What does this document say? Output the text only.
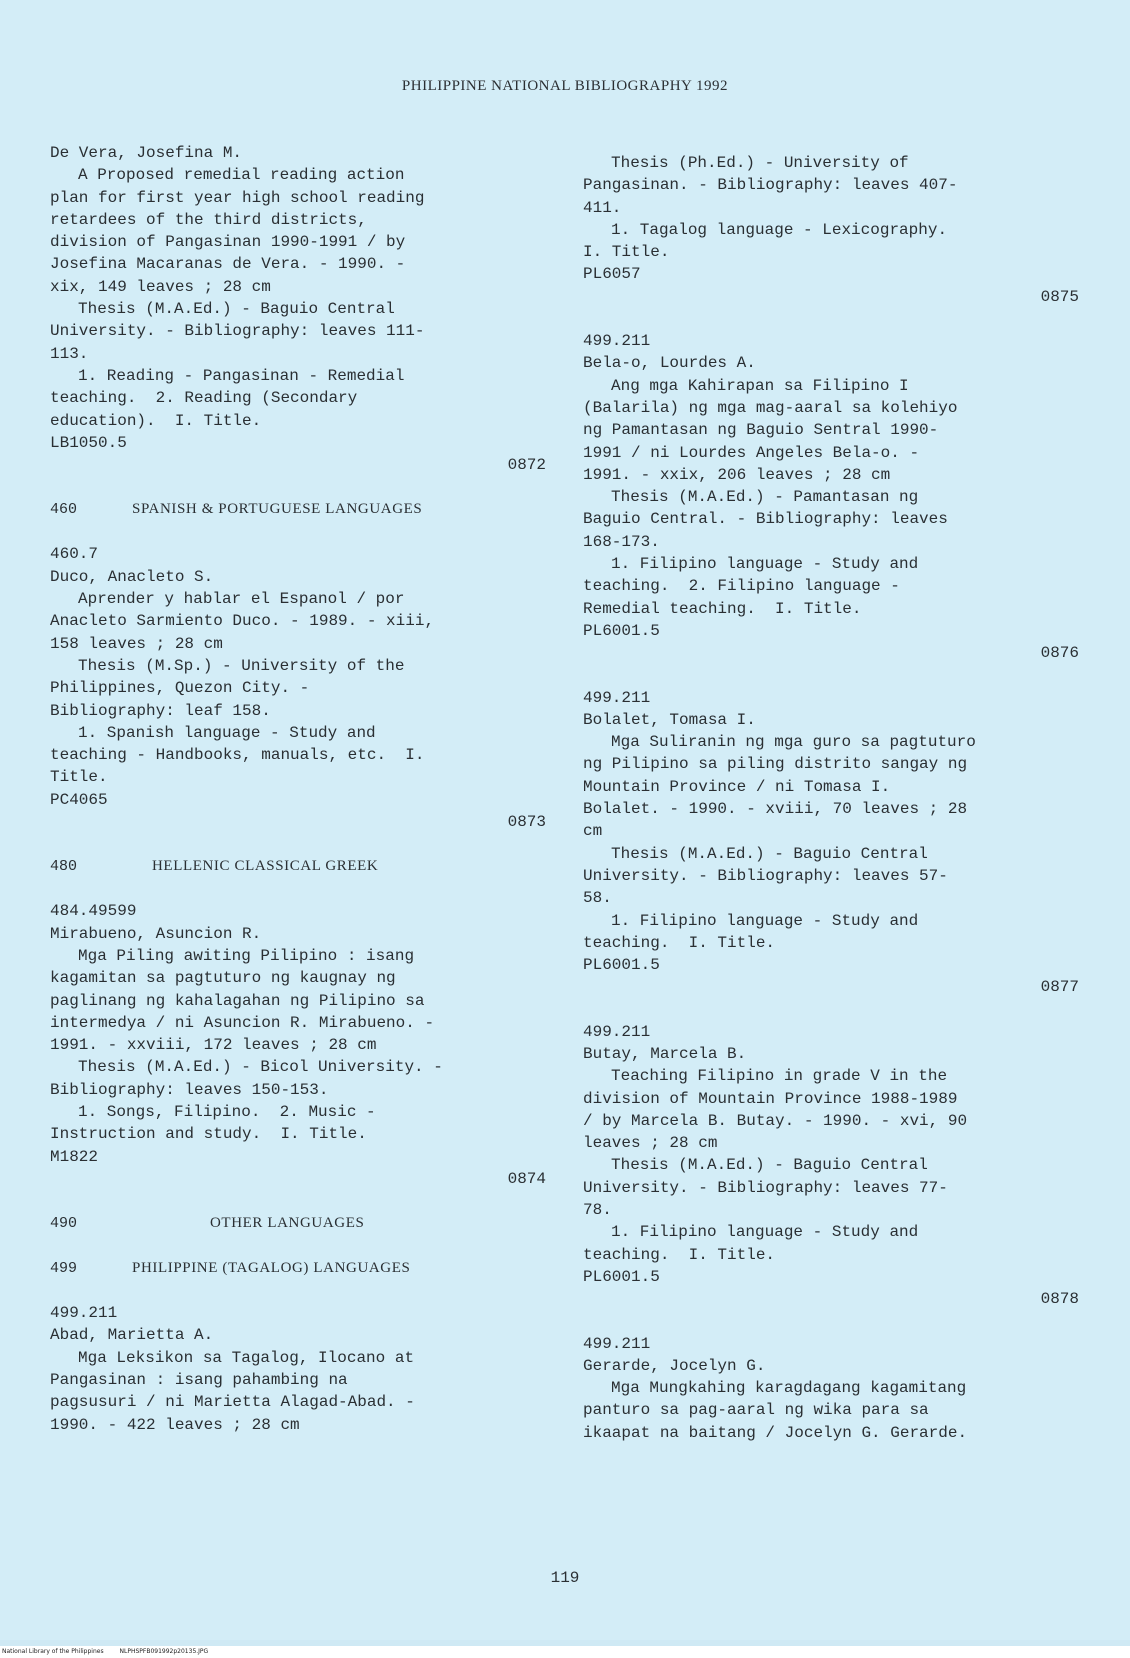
PHILIPPINE NATIONAL BIBLIOGRAPHY 1992
De Vera, Josefina M.
A Proposed remedial reading action
plan for first year high school reading
retardees of the third districts,
division of Pangasinan 1990-1991 / by
Josefina Macaranas de Vera. - 1990. -
xix, 149 leaves ; 28 cm
Thesis (M.A.Ed.) - Baguio Central
University. - Bibliography: leaves 111-
113.
1. Reading - Pangasinan - Remedial
teaching.  2. Reading (Secondary
education).  I. Title.
LB1050.5
0872
460	SPANISH & PORTUGUESE LANGUAGES
460.7
Duco, Anacleto S.
Aprender y hablar el Espanol / por
Anacleto Sarmiento Duco. - 1989. - xiii,
158 leaves ; 28 cm
Thesis (M.Sp.) - University of the
Philippines, Quezon City. -
Bibliography: leaf 158.
1. Spanish language - Study and
teaching - Handbooks, manuals, etc.  I.
Title.
PC4065
0873
480	HELLENIC CLASSICAL GREEK
484.49599
Mirabueno, Asuncion R.
Mga Piling awiting Pilipino : isang
kagamitan sa pagtuturo ng kaugnay ng
paglinang ng kahalagahan ng Pilipino sa
intermedya / ni Asuncion R. Mirabueno. -
1991. - xxviii, 172 leaves ; 28 cm
Thesis (M.A.Ed.) - Bicol University. -
Bibliography: leaves 150-153.
1. Songs, Filipino.  2. Music -
Instruction and study.  I. Title.
M1822
0874
490	OTHER LANGUAGES
499	PHILIPPINE (TAGALOG) LANGUAGES
499.211
Abad, Marietta A.
Mga Leksikon sa Tagalog, Ilocano at
Pangasinan : isang pahambing na
pagsusuri / ni Marietta Alagad-Abad. -
1990. - 422 leaves ; 28 cm
Thesis (Ph.Ed.) - University of
Pangasinan. - Bibliography: leaves 407-
411.
1. Tagalog language - Lexicography.
I. Title.
PL6057
0875
499.211
Bela-o, Lourdes A.
Ang mga Kahirapan sa Filipino I
(Balarila) ng mga mag-aaral sa kolehiyo
ng Pamantasan ng Baguio Sentral 1990-
1991 / ni Lourdes Angeles Bela-o. -
1991. - xxix, 206 leaves ; 28 cm
Thesis (M.A.Ed.) - Pamantasan ng
Baguio Central. - Bibliography: leaves
168-173.
1. Filipino language - Study and
teaching.  2. Filipino language -
Remedial teaching.  I. Title.
PL6001.5
0876
499.211
Bolalet, Tomasa I.
Mga Suliranin ng mga guro sa pagtuturo
ng Pilipino sa piling distrito sangay ng
Mountain Province / ni Tomasa I.
Bolalet. - 1990. - xviii, 70 leaves ; 28
cm
Thesis (M.A.Ed.) - Baguio Central
University. - Bibliography: leaves 57-
58.
1. Filipino language - Study and
teaching.  I. Title.
PL6001.5
0877
499.211
Butay, Marcela B.
Teaching Filipino in grade V in the
division of Mountain Province 1988-1989
/ by Marcela B. Butay. - 1990. - xvi, 90
leaves ; 28 cm
Thesis (M.A.Ed.) - Baguio Central
University. - Bibliography: leaves 77-
78.
1. Filipino language - Study and
teaching.  I. Title.
PL6001.5
0878
499.211
Gerarde, Jocelyn G.
Mga Mungkahing karagdagang kagamitang
panturo sa pag-aaral ng wika para sa
ikaapat na baitang / Jocelyn G. Gerarde.
119
National Library of the Philippines	NLPHSPFB091992p20135.JPG
